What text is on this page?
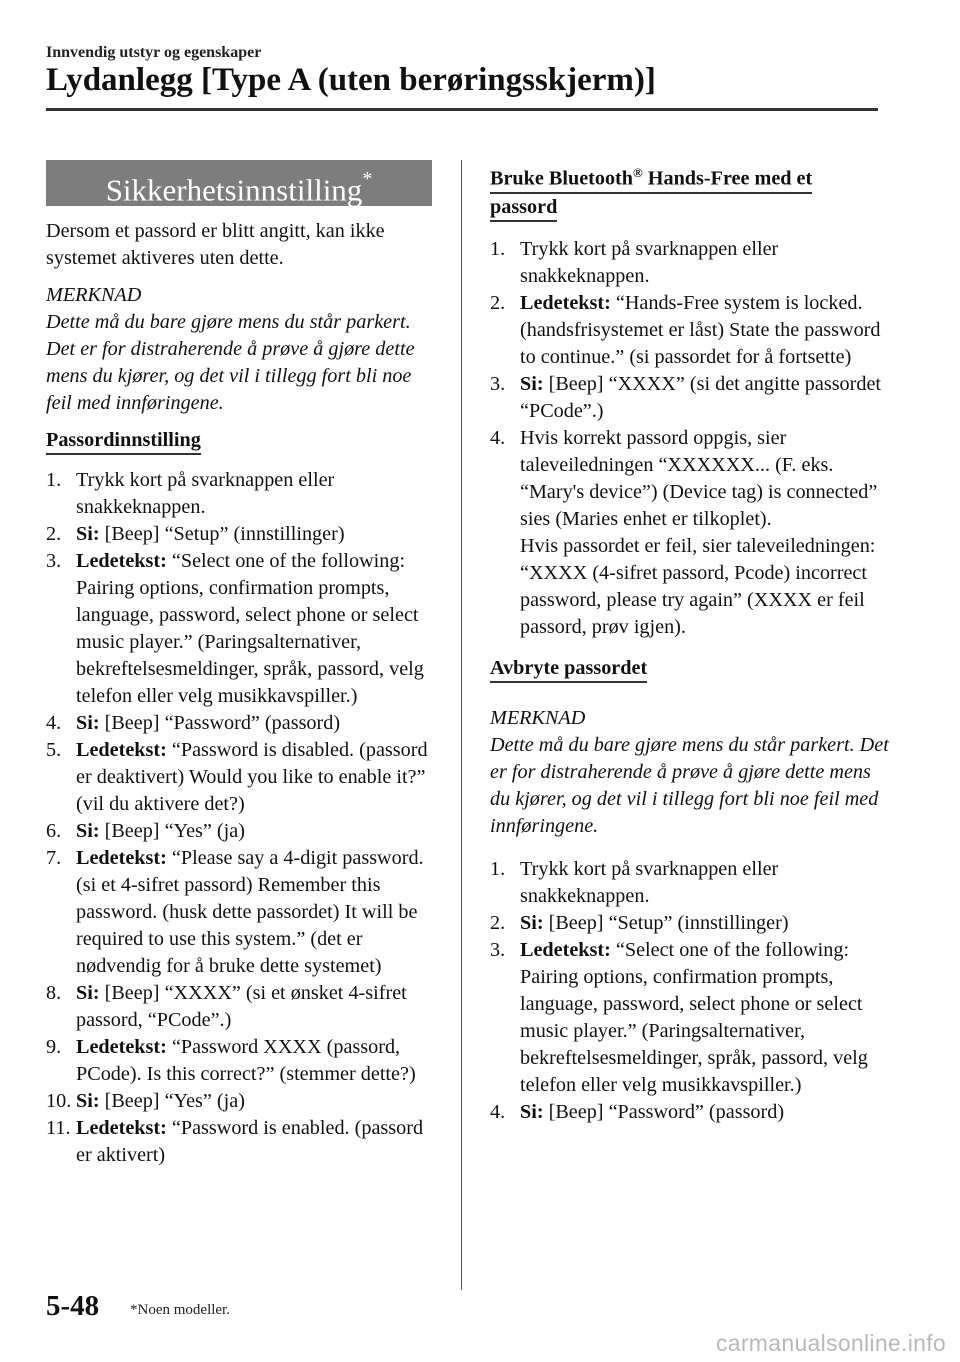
Innvendig utstyr og egenskaper
Lydanlegg [Type A (uten berøringsskjerm)]
Sikkerhetsinnstilling*

Dersom et passord er blitt angitt, kan ikke systemet aktiveres uten dette.

MERKNAD

Dette må du bare gjøre mens du står parkert. Det er for distraherende å prøve å gjøre dette mens du kjører, og det vil i tillegg fort bli noe feil med innføringene.

Passordinnstilling
1. Trykk kort på svarknappen eller snakkeknappen.
2. Si: [Beep] “Setup” (innstillinger)
3. Ledetekst: “Select one of the following: Pairing options, confirmation prompts, language, password, select phone or select music player.” (Paringsalternativer, bekreftelsesmeldinger, språk, passord, velg telefon eller velg musikkavspiller.)
4. Si: [Beep] “Password” (passord)
5. Ledetekst: “Password is disabled. (passord er deaktivert) Would you like to enable it?” (vil du aktivere det?)
6. Si: [Beep] “Yes” (ja)
7. Ledetekst: “Please say a 4-digit password. (si et 4-sifret passord) Remember this password. (husk dette passordet) It will be required to use this system.” (det er nødvendig for å bruke dette systemet)
8. Si: [Beep] “XXXX” (si et ønsket 4-sifret passord, “PCode”.)
9. Ledetekst: “Password XXXX (passord, PCode). Is this correct?” (stemmer dette?)
10. Si: [Beep] “Yes” (ja)
11. Ledetekst: “Password is enabled. (passord er aktivert)
Bruke Bluetooth® Hands-Free med et
passord
1. Trykk kort på svarknappen eller snakkeknappen.
2. Ledetekst: “Hands-Free system is locked. (handsfrisystemet er låst) State the password to continue.” (si passordet for å fortsette)
3. Si: [Beep] “XXXX” (si det angitte passordet “PCode”.)
4. Hvis korrekt passord oppgis, sier taleveiledningen “XXXXXX... (F. eks. “Mary's device”) (Device tag) is connected” sies (Maries enhet er tilkoplet).

Hvis passordet er feil, sier taleveiledningen: “XXXX (4-sifret passord, Pcode) incorrect password, please try again” (XXXX er feil passord, prøv igjen).

Avbryte passordet

MERKNAD

Dette må du bare gjøre mens du står parkert. Det er for distraherende å prøve å gjøre dette mens du kjører, og det vil i tillegg fort bli noe feil med innføringene.

1. Trykk kort på svarknappen eller snakkeknappen.
2. Si: [Beep] “Setup” (innstillinger)
3. Ledetekst: “Select one of the following: Pairing options, confirmation prompts, language, password, select phone or select music player.” (Paringsalternativer, bekreftelsesmeldinger, språk, passord, velg telefon eller velg musikkavspiller.)
4. Si: [Beep] “Password” (passord)
5-48 *Noen modeller.
carmanualsonline.info
